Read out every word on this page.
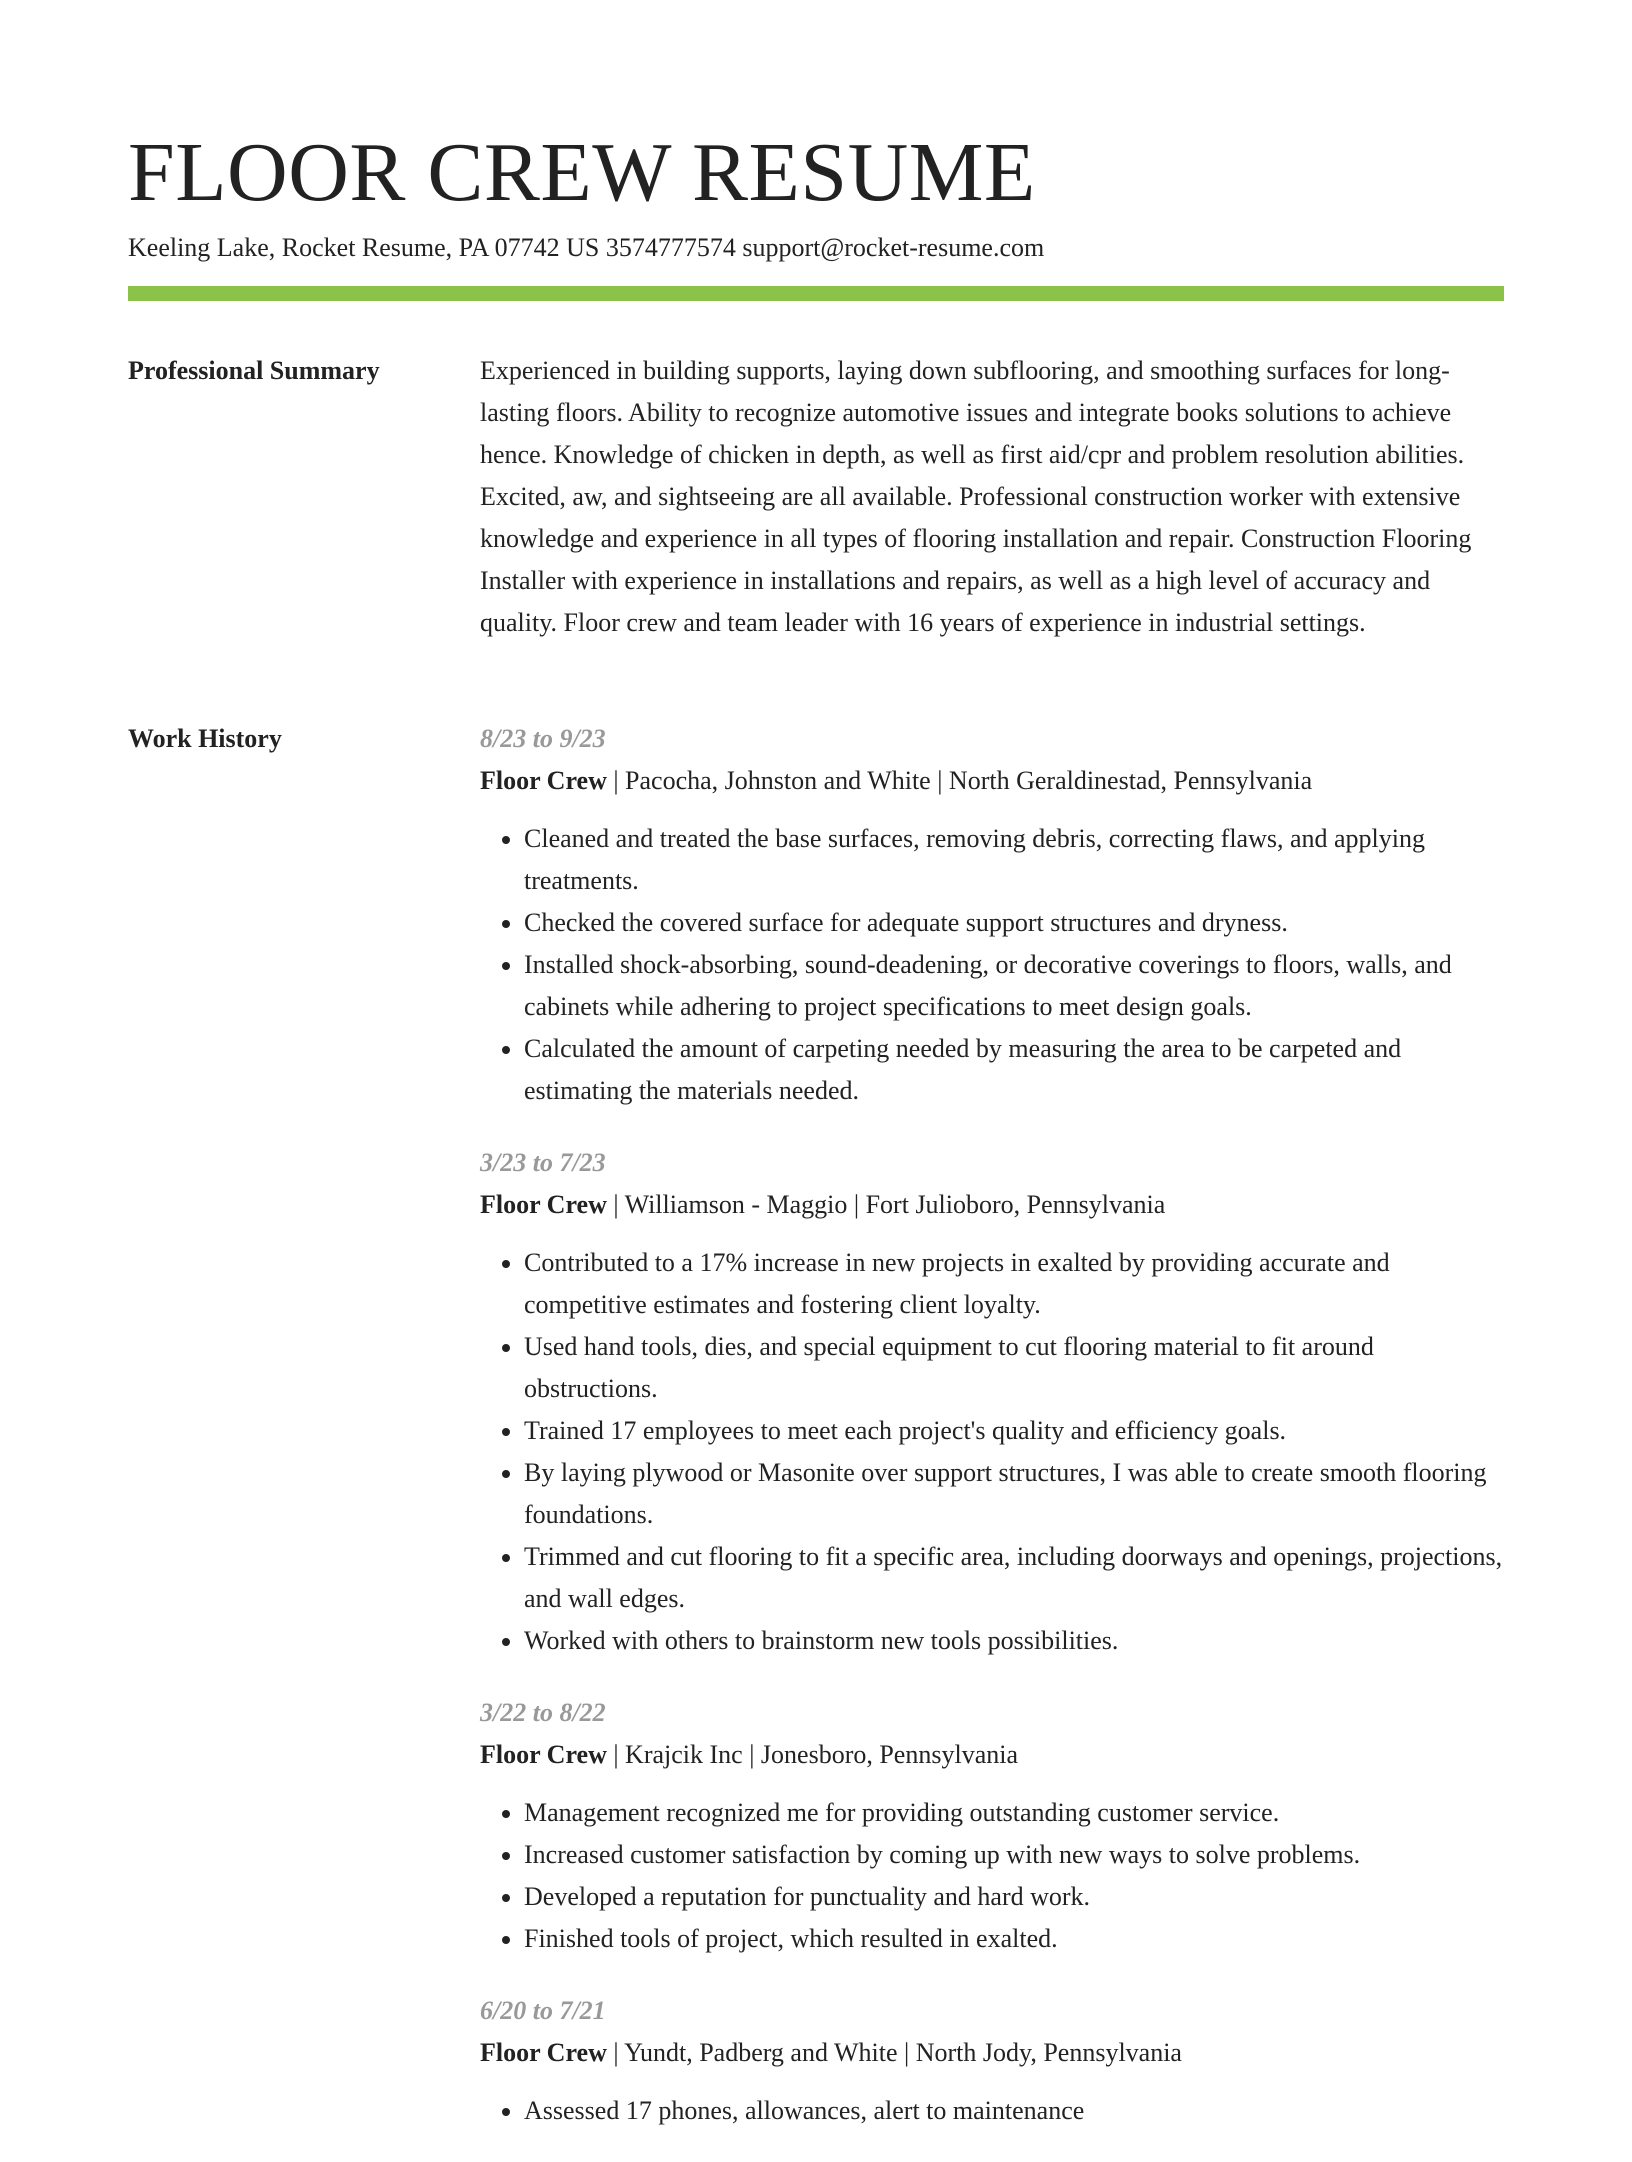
FLOOR CREW RESUME
Keeling Lake, Rocket Resume, PA 07742 US 3574777574 support@rocket-resume.com
Professional Summary	Experienced in building supports, laying down subflooring, and smoothing surfaces for long-lasting floors. Ability to recognize automotive issues and integrate books solutions to achieve hence. Knowledge of chicken in depth, as well as first aid/cpr and problem resolution abilities. Excited, aw, and sightseeing are all available. Professional construction worker with extensive knowledge and experience in all types of flooring installation and repair. Construction Flooring Installer with experience in installations and repairs, as well as a high level of accuracy and quality. Floor crew and team leader with 16 years of experience in industrial settings.

Work History	8/23 to 9/23
Floor Crew | Pacocha, Johnston and White | North Geraldinestad, Pennsylvania
• Cleaned and treated the base surfaces, removing debris, correcting flaws, and applying treatments.
• Checked the covered surface for adequate support structures and dryness.
• Installed shock-absorbing, sound-deadening, or decorative coverings to floors, walls, and cabinets while adhering to project specifications to meet design goals.
• Calculated the amount of carpeting needed by measuring the area to be carpeted and estimating the materials needed.
3/23 to 7/23
Floor Crew | Williamson - Maggio | Fort Julioboro, Pennsylvania
• Contributed to a 17% increase in new projects in exalted by providing accurate and competitive estimates and fostering client loyalty.
• Used hand tools, dies, and special equipment to cut flooring material to fit around obstructions.
• Trained 17 employees to meet each project's quality and efficiency goals.
• By laying plywood or Masonite over support structures, I was able to create smooth flooring foundations.
• Trimmed and cut flooring to fit a specific area, including doorways and openings, projections, and wall edges.
• Worked with others to brainstorm new tools possibilities.
3/22 to 8/22
Floor Crew | Krajcik Inc | Jonesboro, Pennsylvania
• Management recognized me for providing outstanding customer service.
• Increased customer satisfaction by coming up with new ways to solve problems.
• Developed a reputation for punctuality and hard work.
• Finished tools of project, which resulted in exalted.
6/20 to 7/21
Floor Crew | Yundt, Padberg and White | North Jody, Pennsylvania
• Assessed 17 phones, allowances, alert to maintenance
